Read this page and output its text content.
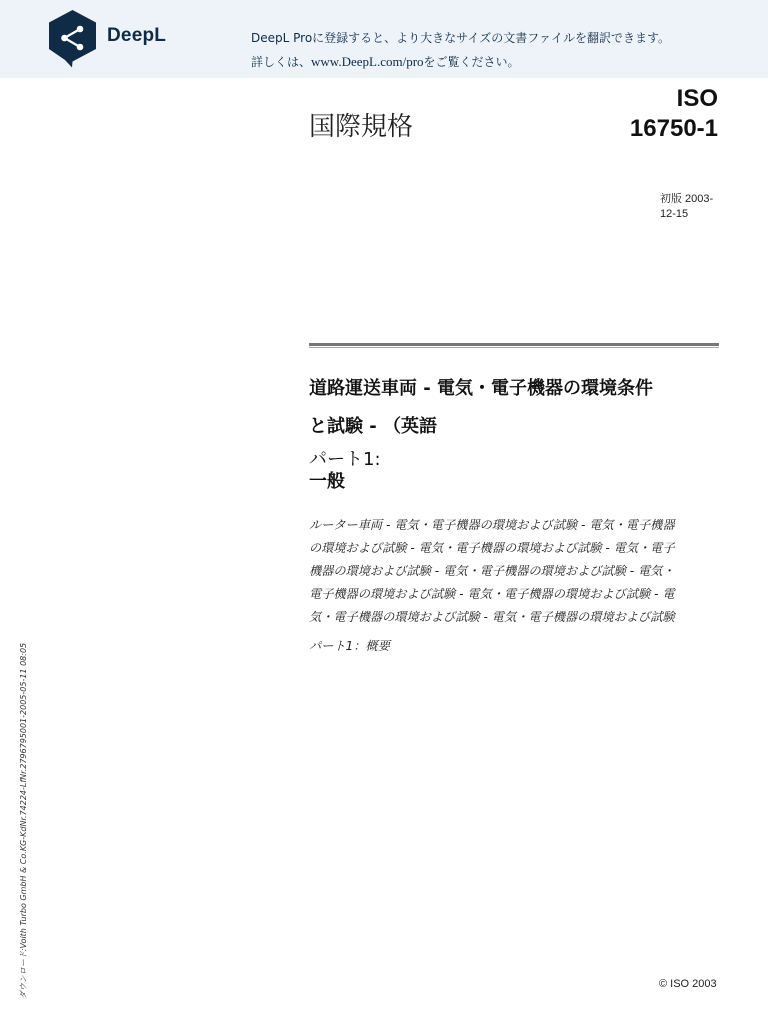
DeepL	DeepL Proに登録すると、より大きなサイズの文書ファイルを翻訳できます。
詳しくは、www.DeepL.com/proをご覧ください。
国際規格
ISO
16750-1
初版 2003-
12-15
道路運送車両 - 電気・電子機器の環境条件
と試験 - （英語
パート1:
一般
ルーター車両 - 電気・電子機器の環境および試験 - 電気・電子機器
の環境および試験 - 電気・電子機器の環境および試験 - 電気・電子
機器の環境および試験 - 電気・電子機器の環境および試験 - 電気・
電子機器の環境および試験 - 電気・電子機器の環境および試験 - 電
気・電子機器の環境および試験 - 電気・電子機器の環境および試験
パート1：概要
ダウンロード:Voith Turbo GmbH & Co.KG-KdNr.74224-LfNr.2796795001-2005-05-11 08:05	© ISO 2003
